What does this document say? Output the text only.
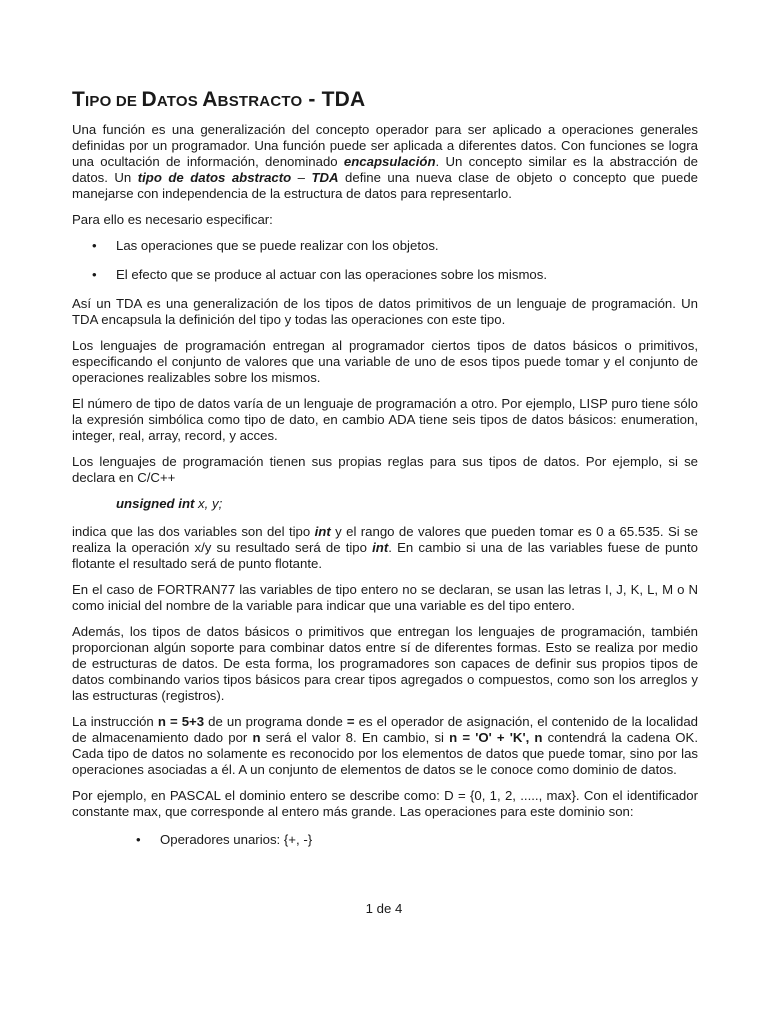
TIPO DE DATOS ABSTRACTO - TDA

Una función es una generalización del concepto operador para ser aplicado a operaciones generales definidas por un programador. Una función puede ser aplicada a diferentes datos. Con funciones se logra una ocultación de información, denominado encapsulación. Un concepto similar es la abstracción de datos. Un tipo de datos abstracto – TDA define una nueva clase de objeto o concepto que puede manejarse con independencia de la estructura de datos para representarlo.

Para ello es necesario especificar:

• Las operaciones que se puede realizar con los objetos.
• El efecto que se produce al actuar con las operaciones sobre los mismos.

Así un TDA es una generalización de los tipos de datos primitivos de un lenguaje de programación. Un TDA encapsula la definición del tipo y todas las operaciones con este tipo.

Los lenguajes de programación entregan al programador ciertos tipos de datos básicos o primitivos, especificando el conjunto de valores que una variable de uno de esos tipos puede tomar y el conjunto de operaciones realizables sobre los mismos.

El número de tipo de datos varía de un lenguaje de programación a otro. Por ejemplo, LISP puro tiene sólo la expresión simbólica como tipo de dato, en cambio ADA tiene seis tipos de datos básicos: enumeration, integer, real, array, record, y acces.

Los lenguajes de programación tienen sus propias reglas para sus tipos de datos. Por ejemplo, si se declara en C/C++

unsigned int x, y;

indica que las dos variables son del tipo int y el rango de valores que pueden tomar es 0 a 65.535. Si se realiza la operación x/y su resultado será de tipo int. En cambio si una de las variables fuese de punto flotante el resultado será de punto flotante.

En el caso de FORTRAN77 las variables de tipo entero no se declaran, se usan las letras I, J, K, L, M o N como inicial del nombre de la variable para indicar que una variable es del tipo entero.

Además, los tipos de datos básicos o primitivos que entregan los lenguajes de programación, también proporcionan algún soporte para combinar datos entre sí de diferentes formas. Esto se realiza por medio de estructuras de datos. De esta forma, los programadores son capaces de definir sus propios tipos de datos combinando varios tipos básicos para crear tipos agregados o compuestos, como son los arreglos y las estructuras (registros).

La instrucción n = 5+3 de un programa donde = es el operador de asignación, el contenido de la localidad de almacenamiento dado por n será el valor 8. En cambio, si n = 'O' + 'K', n contendrá la cadena OK. Cada tipo de datos no solamente es reconocido por los elementos de datos que puede tomar, sino por las operaciones asociadas a él. A un conjunto de elementos de datos se le conoce como dominio de datos.

Por ejemplo, en PASCAL el dominio entero se describe como: D = {0, 1, 2, ....., max}. Con el identificador constante max, que corresponde al entero más grande. Las operaciones para este dominio son:

• Operadores unarios: {+, -}
1 de 4
